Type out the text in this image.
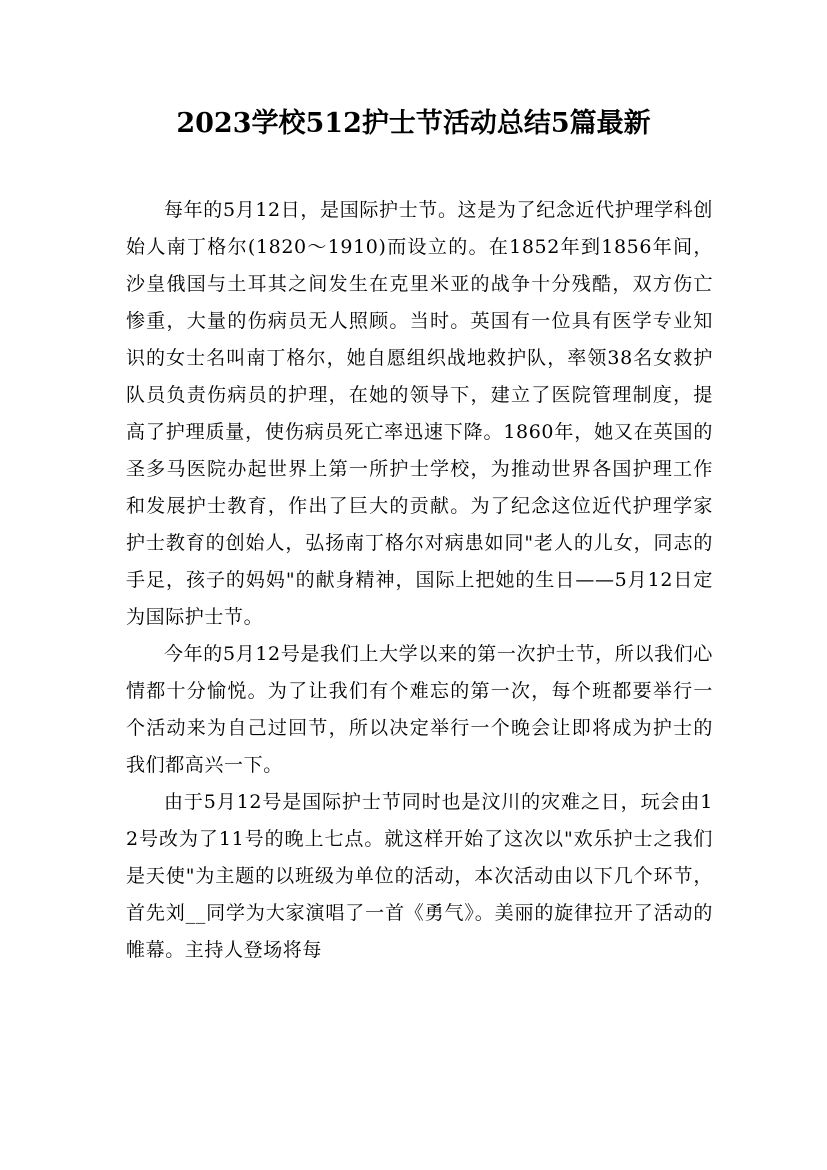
2023学校512护士节活动总结5篇最新

每年的5月12日，是国际护士节。这是为了纪念近代护理学科创始人南丁格尔(1820～1910)而设立的。在1852年到1856年间，沙皇俄国与土耳其之间发生在克里米亚的战争十分残酷，双方伤亡惨重，大量的伤病员无人照顾。当时。英国有一位具有医学专业知识的女士名叫南丁格尔，她自愿组织战地救护队，率领38名女救护队员负责伤病员的护理，在她的领导下，建立了医院管理制度，提高了护理质量，使伤病员死亡率迅速下降。1860年，她又在英国的圣多马医院办起世界上第一所护士学校，为推动世界各国护理工作和发展护士教育，作出了巨大的贡献。为了纪念这位近代护理学家护士教育的创始人，弘扬南丁格尔对病患如同"老人的儿女，同志的手足，孩子的妈妈"的献身精神，国际上把她的生日——5月12日定为国际护士节。

今年的5月12号是我们上大学以来的第一次护士节，所以我们心情都十分愉悦。为了让我们有个难忘的第一次，每个班都要举行一个活动来为自己过回节，所以决定举行一个晚会让即将成为护士的我们都高兴一下。

由于5月12号是国际护士节同时也是汶川的灾难之日，玩会由12号改为了11号的晚上七点。就这样开始了这次以"欢乐护士之我们是天使"为主题的以班级为单位的活动，本次活动由以下几个环节，首先刘__同学为大家演唱了一首《勇气》。美丽的旋律拉开了活动的帷幕。主持人登场将每
